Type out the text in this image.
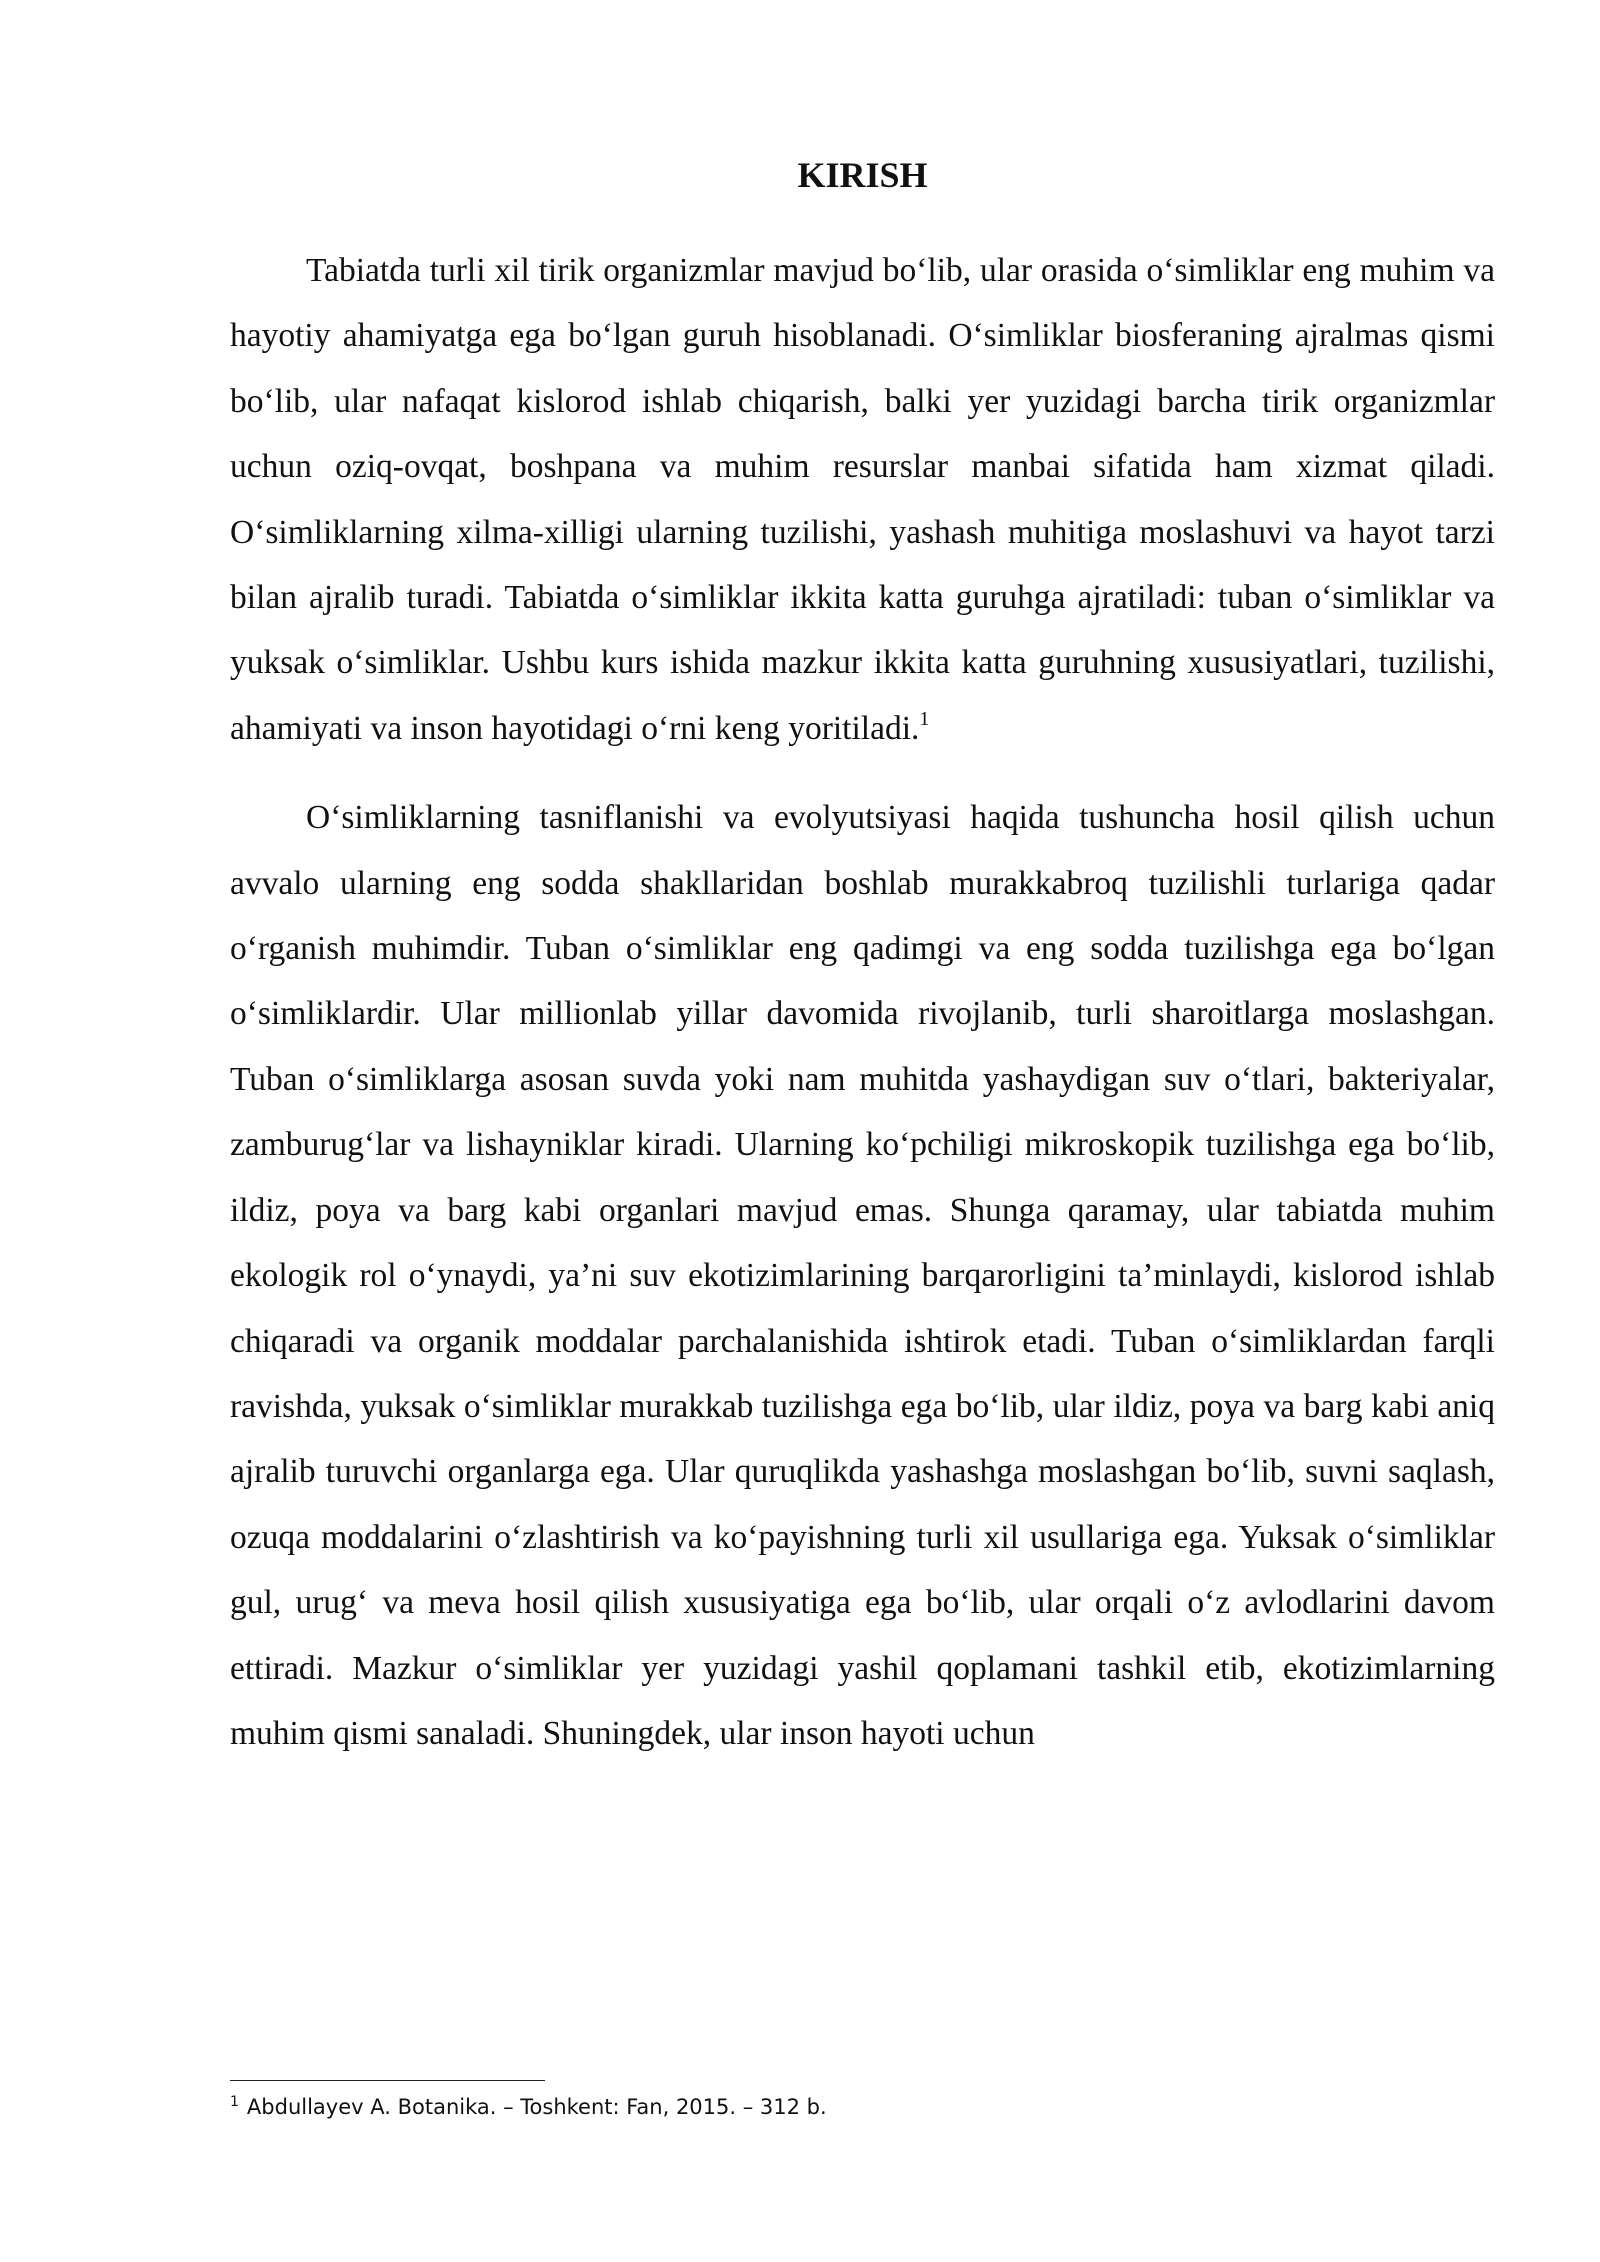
KIRISH

Tabiatda turli xil tirik organizmlar mavjud bo‘lib, ular orasida o‘simliklar eng muhim va hayotiy ahamiyatga ega bo‘lgan guruh hisoblanadi. O‘simliklar biosferaning ajralmas qismi bo‘lib, ular nafaqat kislorod ishlab chiqarish, balki yer yuzidagi barcha tirik organizmlar uchun oziq-ovqat, boshpana va muhim resurslar manbai sifatida ham xizmat qiladi. O‘simliklarning xilma-xilligi ularning tuzilishi, yashash muhitiga moslashuvi va hayot tarzi bilan ajralib turadi. Tabiatda o‘simliklar ikkita katta guruhga ajratiladi: tuban o‘simliklar va yuksak o‘simliklar. Ushbu kurs ishida mazkur ikkita katta guruhning xususiyatlari, tuzilishi, ahamiyati va inson hayotidagi o‘rni keng yoritiladi.$^1$

O‘simliklarning tasniflanishi va evolyutsiyasi haqida tushuncha hosil qilish uchun avvalo ularning eng sodda shakllaridan boshlab murakkabroq tuzilishli turlariga qadar o‘rganish muhimdir. Tuban o‘simliklar eng qadimgi va eng sodda tuzilishga ega bo‘lgan o‘simliklardir. Ular millionlab yillar davomida rivojlanib, turli sharoitlarga moslashgan. Tuban o‘simliklarga asosan suvda yoki nam muhitda yashaydigan suv o‘tlari, bakteriyalar, zamburug‘lar va lishayniklar kiradi. Ularning ko‘pchiligi mikroskopik tuzilishga ega bo‘lib, ildiz, poya va barg kabi organlari mavjud emas. Shunga qaramay, ular tabiatda muhim ekologik rol o‘ynaydi, ya’ni suv ekotizimlarining barqarorligini ta’minlaydi, kislorod ishlab chiqaradi va organik moddalar parchalanishida ishtirok etadi. Tuban o‘simliklardan farqli ravishda, yuksak o‘simliklar murakkab tuzilishga ega bo‘lib, ular ildiz, poya va barg kabi aniq ajralib turuvchi organlarga ega. Ular quruqlikda yashashga moslashgan bo‘lib, suvni saqlash, ozuqa moddalarini o‘zlashtirish va ko‘payishning turli xil usullariga ega. Yuksak o‘simliklar gul, urug‘ va meva hosil qilish xususiyatiga ega bo‘lib, ular orqali o‘z avlodlarini davom ettiradi. Mazkur o‘simliklar yer yuzidagi yashil qoplamani tashkil etib, ekotizimlarning muhim qismi sanaladi. Shuningdek, ular inson hayoti uchun

$^1$ Abdullayev A. Botanika. – Toshkent: Fan, 2015. – 312 b.
